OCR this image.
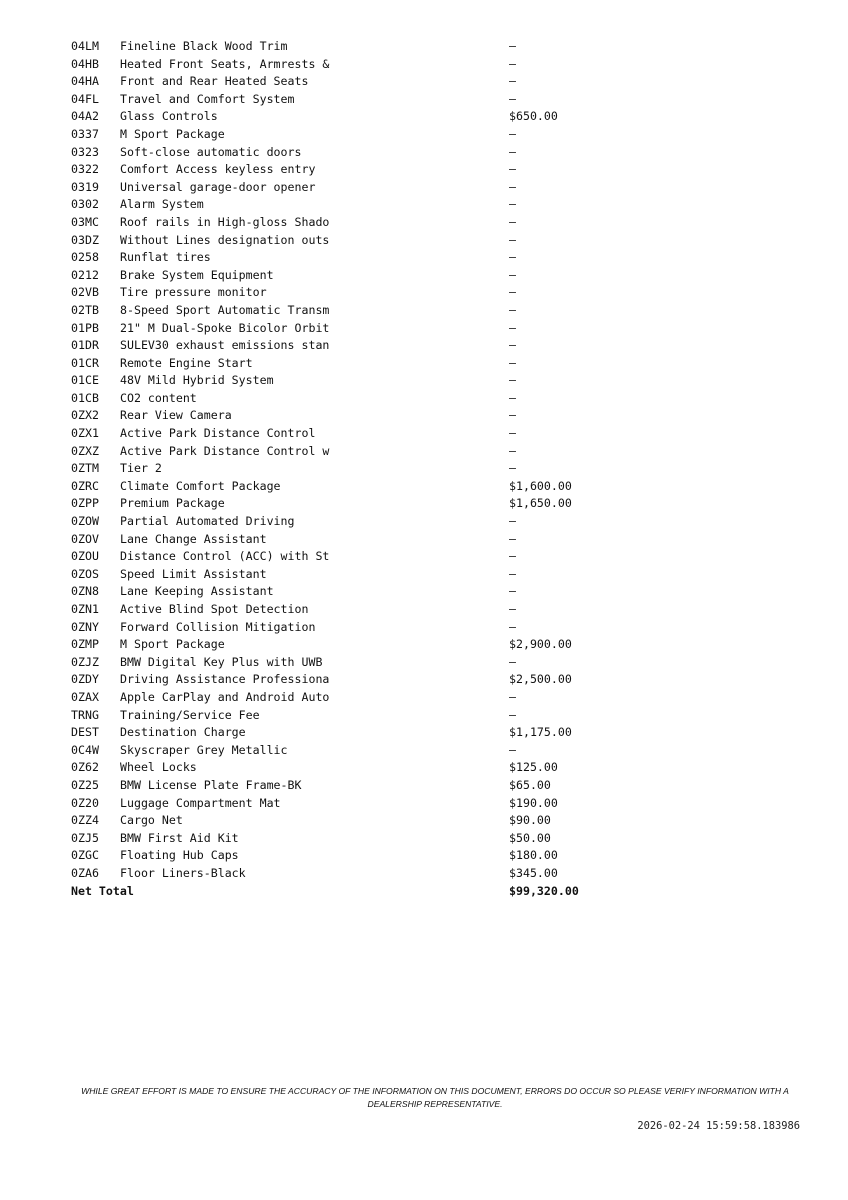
04LM	Fineline Black Wood Trim	—
04HB	Heated Front Seats, Armrests &	—
04HA	Front and Rear Heated Seats	—
04FL	Travel and Comfort System	—
04A2	Glass Controls	$650.00
0337	M Sport Package	—
0323	Soft-close automatic doors	—
0322	Comfort Access keyless entry	—
0319	Universal garage-door opener	—
0302	Alarm System	—
03MC	Roof rails in High-gloss Shado	—
03DZ	Without Lines designation outs	—
0258	Runflat tires	—
0212	Brake System Equipment	—
02VB	Tire pressure monitor	—
02TB	8-Speed Sport Automatic Transm	—
01PB	21" M Dual-Spoke Bicolor Orbit	—
01DR	SULEV30 exhaust emissions stan	—
01CR	Remote Engine Start	—
01CE	48V Mild Hybrid System	—
01CB	CO2 content	—
0ZX2	Rear View Camera	—
0ZX1	Active Park Distance Control	—
0ZXZ	Active Park Distance Control w	—
0ZTM	Tier 2	—
0ZRC	Climate Comfort Package	$1,600.00
0ZPP	Premium Package	$1,650.00
0ZOW	Partial Automated Driving	—
0ZOV	Lane Change Assistant	—
0ZOU	Distance Control (ACC) with St	—
0ZOS	Speed Limit Assistant	—
0ZN8	Lane Keeping Assistant	—
0ZN1	Active Blind Spot Detection	—
0ZNY	Forward Collision Mitigation	—
0ZMP	M Sport Package	$2,900.00
0ZJZ	BMW Digital Key Plus with UWB	—
0ZDY	Driving Assistance Professiona	$2,500.00
0ZAX	Apple CarPlay and Android Auto	—
TRNG	Training/Service Fee	—
DEST	Destination Charge	$1,175.00
0C4W	Skyscraper Grey Metallic	—
0Z62	Wheel Locks	$125.00
0Z25	BMW License Plate Frame-BK	$65.00
0Z20	Luggage Compartment Mat	$190.00
0ZZ4	Cargo Net	$90.00
0ZJ5	BMW First Aid Kit	$50.00
0ZGC	Floating Hub Caps	$180.00
0ZA6	Floor Liners-Black	$345.00
Net Total	$99,320.00
WHILE GREAT EFFORT IS MADE TO ENSURE THE ACCURACY OF THE INFORMATION ON THIS DOCUMENT, ERRORS DO OCCUR SO PLEASE VERIFY INFORMATION WITH A DEALERSHIP REPRESENTATIVE.
2026-02-24 15:59:58.183986
